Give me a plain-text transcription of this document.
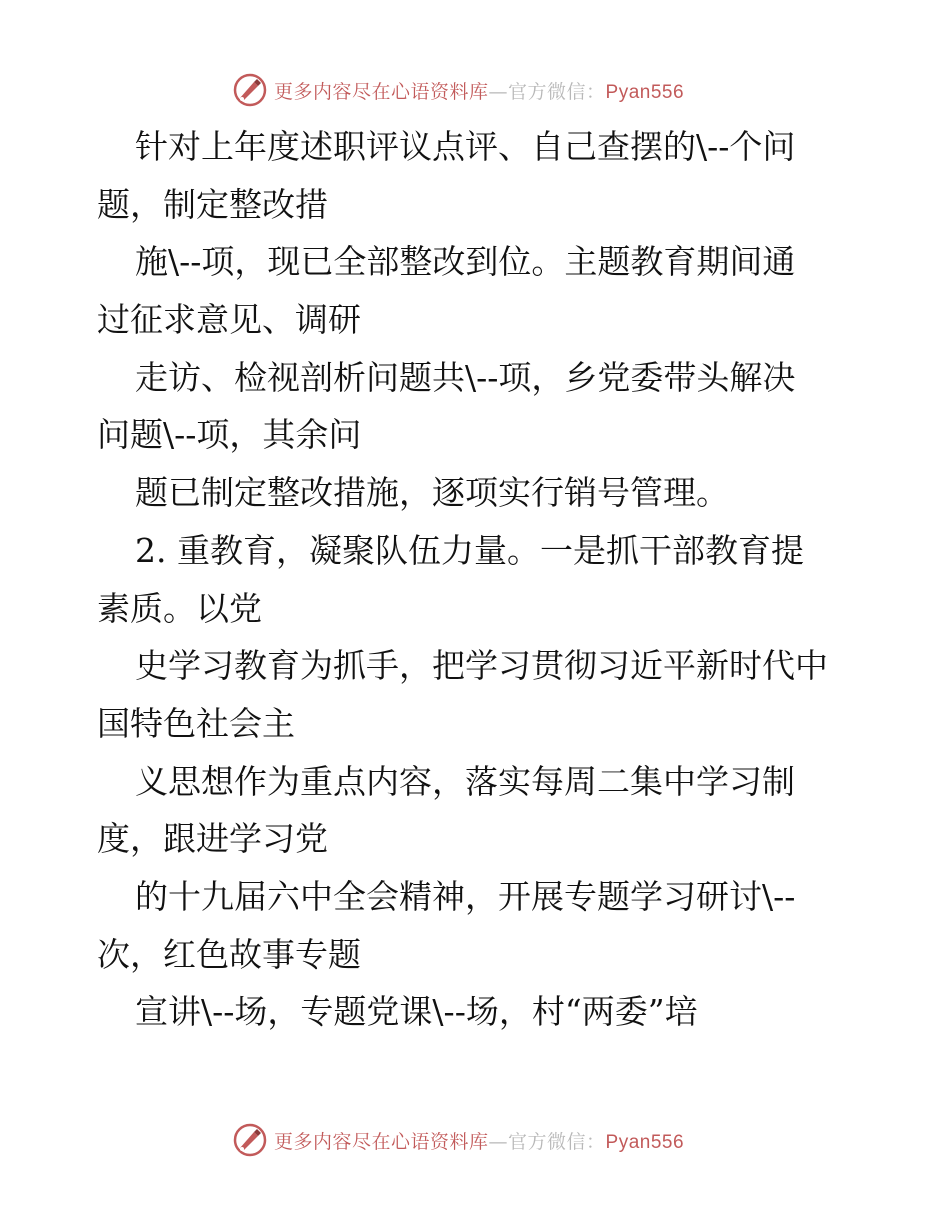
更多内容尽在心语资料库—官方微信：Pyan556
针对上年度述职评议点评、自己查摆的\--个问
题，制定整改措
施\--项，现已全部整改到位。主题教育期间通
过征求意见、调研
走访、检视剖析问题共\--项，乡党委带头解决
问题\--项，其余问
题已制定整改措施，逐项实行销号管理。
2. 重教育，凝聚队伍力量。一是抓干部教育提
素质。以党
史学习教育为抓手，把学习贯彻习近平新时代中
国特色社会主
义思想作为重点内容，落实每周二集中学习制
度，跟进学习党
的十九届六中全会精神，开展专题学习研讨\--
次，红色故事专题
宣讲\--场，专题党课\--场，村“两委”培
更多内容尽在心语资料库—官方微信：Pyan556
